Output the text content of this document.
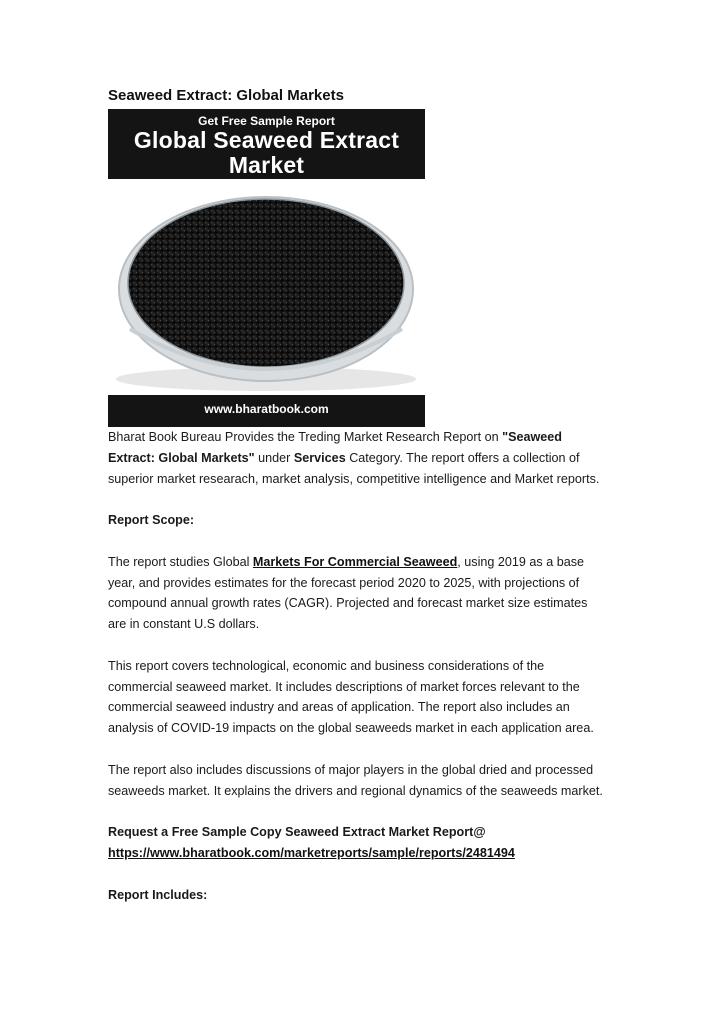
Seaweed Extract: Global Markets
Get Free Sample Report
Global Seaweed Extract
Market
www.bharatbook.com

Bharat Book Bureau Provides the Treding Market Research Report on "Seaweed Extract: Global Markets" under Services Category. The report offers a collection of superior market researach, market analysis, competitive intelligence and Market reports.

Report Scope:

The report studies Global Markets For Commercial Seaweed, using 2019 as a base year, and provides estimates for the forecast period 2020 to 2025, with projections of compound annual growth rates (CAGR). Projected and forecast market size estimates are in constant U.S dollars.

This report covers technological, economic and business considerations of the commercial seaweed market. It includes descriptions of market forces relevant to the commercial seaweed industry and areas of application. The report also includes an analysis of COVID-19 impacts on the global seaweeds market in each application area.

The report also includes discussions of major players in the global dried and processed seaweeds market. It explains the drivers and regional dynamics of the seaweeds market.

Request a Free Sample Copy Seaweed Extract Market Report@

https://www.bharatbook.com/marketreports/sample/reports/2481494

Report Includes:
